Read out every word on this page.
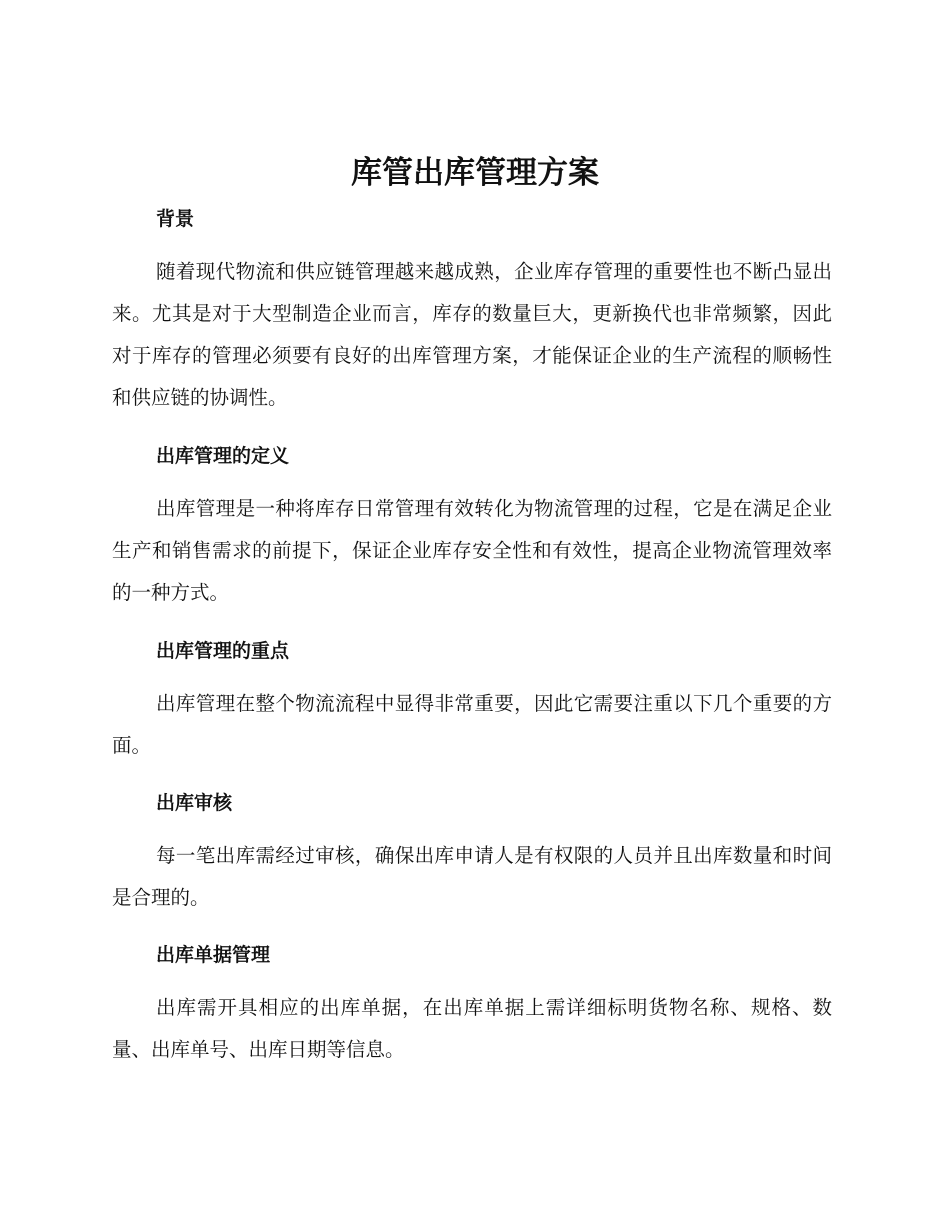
库管出库管理方案
背景

随着现代物流和供应链管理越来越成熟，企业库存管理的重要性也不断凸显出来。尤其是对于大型制造企业而言，库存的数量巨大，更新换代也非常频繁，因此对于库存的管理必须要有良好的出库管理方案，才能保证企业的生产流程的顺畅性和供应链的协调性。

出库管理的定义

出库管理是一种将库存日常管理有效转化为物流管理的过程，它是在满足企业生产和销售需求的前提下，保证企业库存安全性和有效性，提高企业物流管理效率的一种方式。

出库管理的重点

出库管理在整个物流流程中显得非常重要，因此它需要注重以下几个重要的方面。

出库审核

每一笔出库需经过审核，确保出库申请人是有权限的人员并且出库数量和时间是合理的。

出库单据管理

出库需开具相应的出库单据，在出库单据上需详细标明货物名称、规格、数量、出库单号、出库日期等信息。
